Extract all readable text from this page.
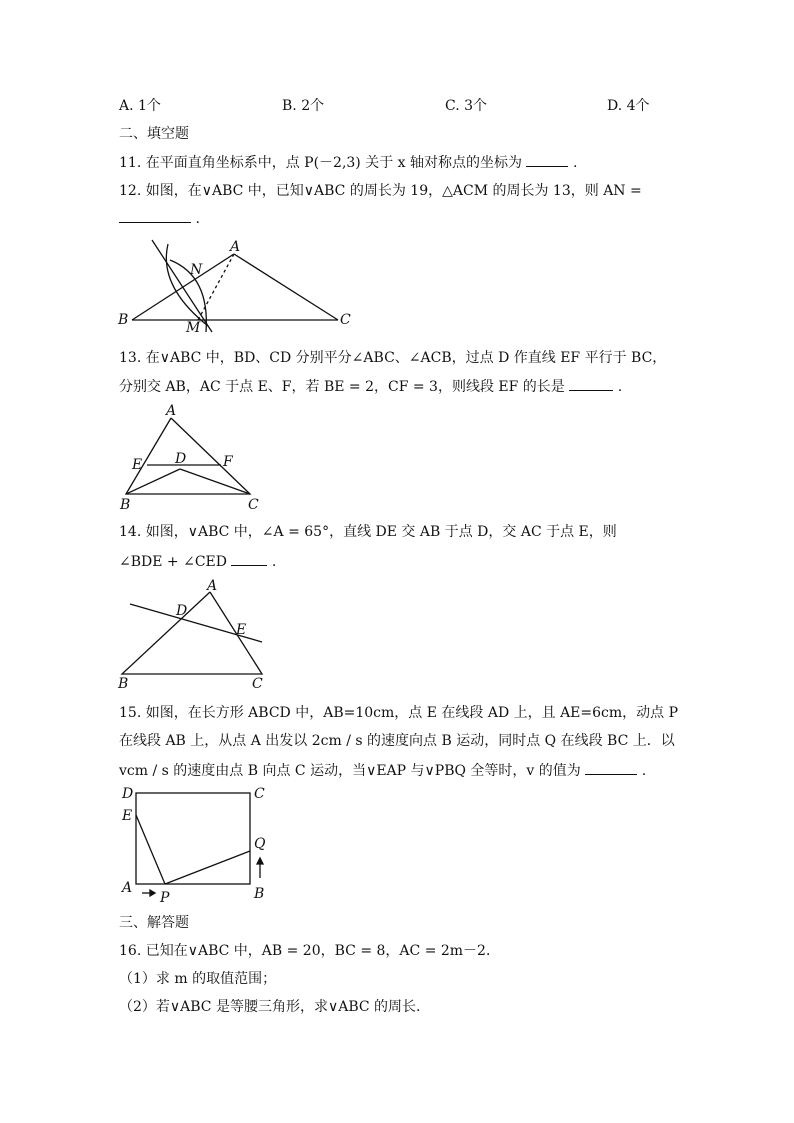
A. 1个	B. 2个	C. 3个	D. 4个
二、填空题
11. 在平面直角坐标系中，点 P(－2,3) 关于 x 轴对称点的坐标为	.
12. 如图，在∨ABC 中，已知∨ABC 的周长为 19，△ACM 的周长为 13，则 AN =
.
A
B	C
M
N
13. 在∨ABC 中，BD、CD 分别平分∠ABC、∠ACB，过点 D 作直线 EF 平行于 BC，
分别交 AB，AC 于点 E、F，若 BE = 2，CF = 3，则线段 EF 的长是	.
A
B	C
D
E	F
14. 如图，∨ABC 中，∠A = 65°，直线 DE 交 AB 于点 D，交 AC 于点 E，则
∠BDE + ∠CED	.
A
B	C
D
E
15. 如图，在长方形 ABCD 中，AB=10cm，点 E 在线段 AD 上，且 AE=6cm，动点 P
在线段 AB 上，从点 A 出发以 2cm / s 的速度向点 B 运动，同时点 Q 在线段 BC 上．以
vcm / s 的速度由点 B 向点 C 运动，当∨EAP 与∨PBQ 全等时，v 的值为	.
D	C
E
Q
A	B
P
三、解答题
16. 已知在∨ABC 中，AB = 20，BC = 8，AC = 2m－2．
（1）求 m 的取值范围；
（2）若∨ABC 是等腰三角形，求∨ABC 的周长.
